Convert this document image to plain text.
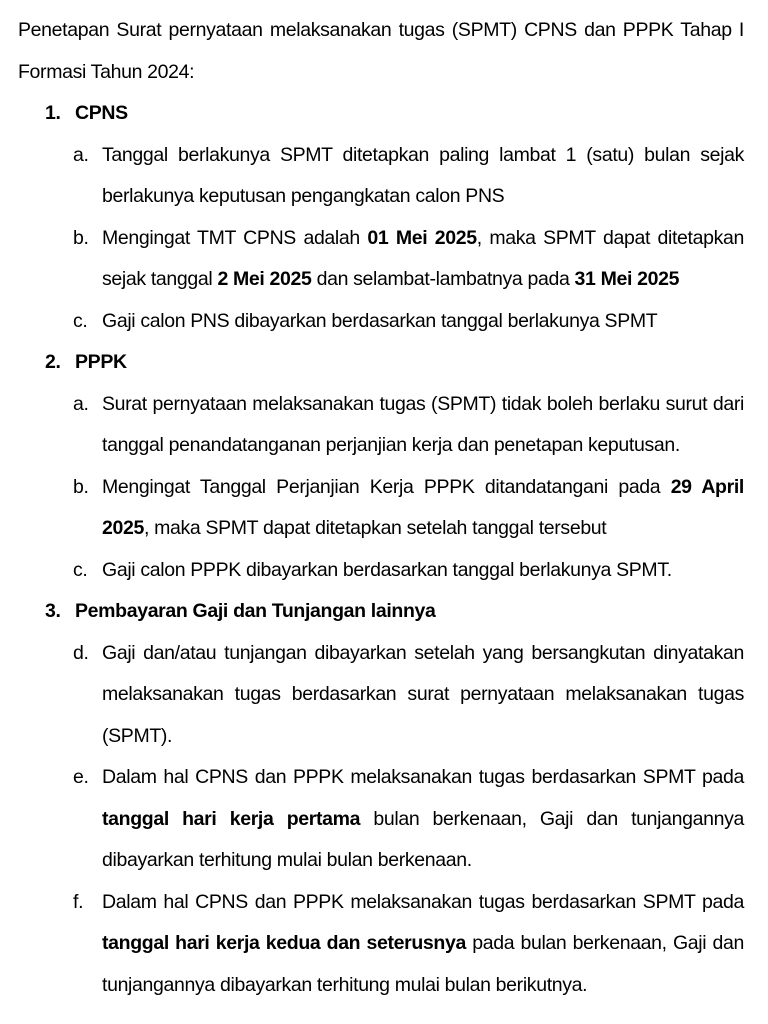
Penetapan Surat pernyataan melaksanakan tugas (SPMT) CPNS dan PPPK Tahap I Formasi Tahun 2024:

1. CPNS
a. Tanggal berlakunya SPMT ditetapkan paling lambat 1 (satu) bulan sejak berlakunya keputusan pengangkatan calon PNS
b. Mengingat TMT CPNS adalah 01 Mei 2025, maka SPMT dapat ditetapkan sejak tanggal 2 Mei 2025 dan selambat-lambatnya pada 31 Mei 2025
c. Gaji calon PNS dibayarkan berdasarkan tanggal berlakunya SPMT
2. PPPK
a. Surat pernyataan melaksanakan tugas (SPMT) tidak boleh berlaku surut dari tanggal penandatanganan perjanjian kerja dan penetapan keputusan.
b. Mengingat Tanggal Perjanjian Kerja PPPK ditandatangani pada 29 April 2025, maka SPMT dapat ditetapkan setelah tanggal tersebut
c. Gaji calon PPPK dibayarkan berdasarkan tanggal berlakunya SPMT.
3. Pembayaran Gaji dan Tunjangan lainnya
d. Gaji dan/atau tunjangan dibayarkan setelah yang bersangkutan dinyatakan melaksanakan tugas berdasarkan surat pernyataan melaksanakan tugas (SPMT).
e. Dalam hal CPNS dan PPPK melaksanakan tugas berdasarkan SPMT pada tanggal hari kerja pertama bulan berkenaan, Gaji dan tunjangannya dibayarkan terhitung mulai bulan berkenaan.
f. Dalam hal CPNS dan PPPK melaksanakan tugas berdasarkan SPMT pada tanggal hari kerja kedua dan seterusnya pada bulan berkenaan, Gaji dan tunjangannya dibayarkan terhitung mulai bulan berikutnya.
